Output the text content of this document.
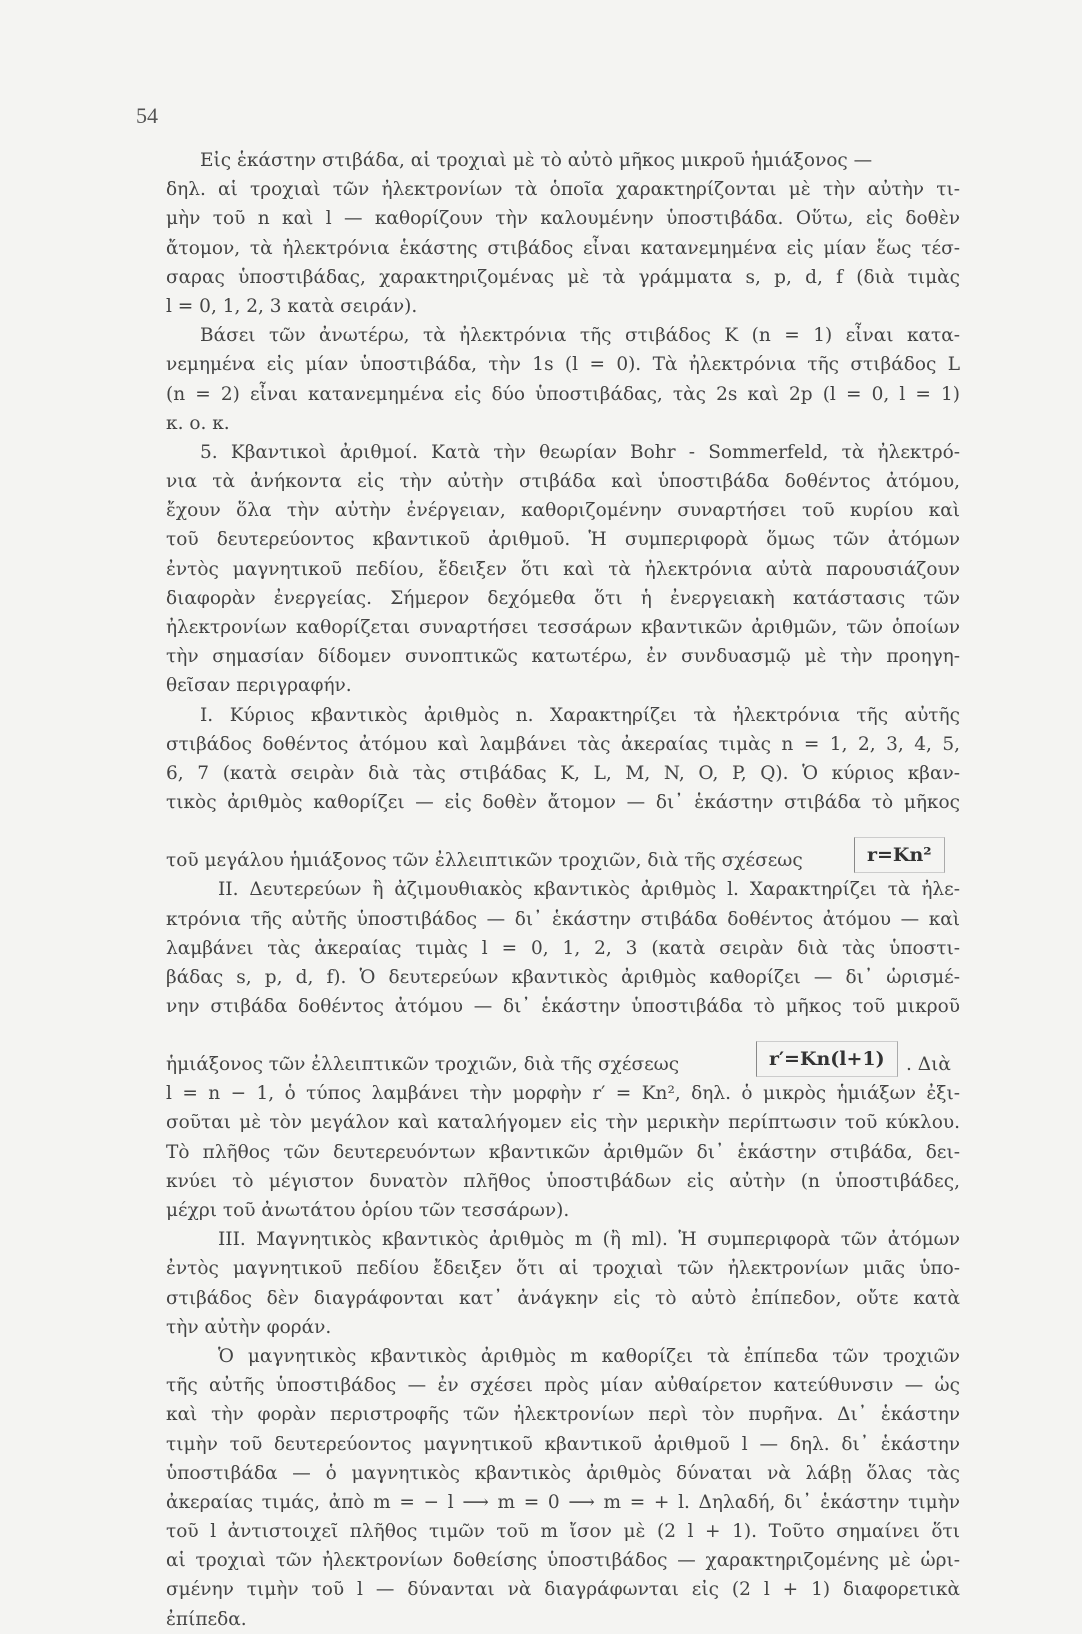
54
Εἰς ἑκάστην στιβάδα, αἱ τροχιαὶ μὲ τὸ αὐτὸ μῆκος μικροῦ ἡμιάξονος —
δηλ. αἱ τροχιαὶ τῶν ἠλεκτρονίων τὰ ὁποῖα χαρακτηρίζονται μὲ τὴν αὐτὴν τι-
μὴν τοῦ n καὶ l — καθορίζουν τὴν καλουμένην ὑποστιβάδα. Οὕτω, εἰς δοθὲν
ἄτομον, τὰ ἠλεκτρόνια ἑκάστης στιβάδος εἶναι κατανεμημένα εἰς μίαν ἕως τέσ-
σαρας ὑποστιβάδας, χαρακτηριζομένας μὲ τὰ γράμματα s, p, d, f (διὰ τιμὰς
l = 0, 1, 2, 3 κατὰ σειράν).
Βάσει τῶν ἀνωτέρω, τὰ ἠλεκτρόνια τῆς στιβάδος K (n = 1) εἶναι κατα-
νεμημένα εἰς μίαν ὑποστιβάδα, τὴν 1s (l = 0). Τὰ ἠλεκτρόνια τῆς στιβάδος L
(n = 2) εἶναι κατανεμημένα εἰς δύο ὑποστιβάδας, τὰς 2s καὶ 2p (l = 0, l = 1)
κ. ο. κ.
5. Κβαντικοὶ ἀριθμοί. Κατὰ τὴν θεωρίαν Bohr - Sommerfeld, τὰ ἠλεκτρό-
νια τὰ ἀνήκοντα εἰς τὴν αὐτὴν στιβάδα καὶ ὑποστιβάδα δοθέντος ἀτόμου,
ἔχουν ὅλα τὴν αὐτὴν ἐνέργειαν, καθοριζομένην συναρτήσει τοῦ κυρίου καὶ
τοῦ δευτερεύοντος κβαντικοῦ ἀριθμοῦ. Ἡ συμπεριφορὰ ὅμως τῶν ἀτόμων
ἐντὸς μαγνητικοῦ πεδίου, ἔδειξεν ὅτι καὶ τὰ ἠλεκτρόνια αὐτὰ παρουσιάζουν
διαφορὰν ἐνεργείας. Σήμερον δεχόμεθα ὅτι ἡ ἐνεργειακὴ κατάστασις τῶν
ἠλεκτρονίων καθορίζεται συναρτήσει τεσσάρων κβαντικῶν ἀριθμῶν, τῶν ὁποίων
τὴν σημασίαν δίδομεν συνοπτικῶς κατωτέρω, ἐν συνδυασμῷ μὲ τὴν προηγη-
θεῖσαν περιγραφήν.
I. Κύριος κβαντικὸς ἀριθμὸς n. Χαρακτηρίζει τὰ ἠλεκτρόνια τῆς αὐτῆς
στιβάδος δοθέντος ἀτόμου καὶ λαμβάνει τὰς ἀκεραίας τιμὰς n = 1, 2, 3, 4, 5,
6, 7 (κατὰ σειρὰν διὰ τὰς στιβάδας K, L, M, N, O, P, Q). Ὁ κύριος κβαν-
τικὸς ἀριθμὸς καθορίζει — εἰς δοθὲν ἄτομον — δι᾿ ἑκάστην στιβάδα τὸ μῆκος
τοῦ μεγάλου ἡμιάξονος τῶν ἐλλειπτικῶν τροχιῶν, διὰ τῆς σχέσεως	r=Kn²
II. Δευτερεύων ἢ ἀζιμουθιακὸς κβαντικὸς ἀριθμὸς l. Χαρακτηρίζει τὰ ἠλε-
κτρόνια τῆς αὐτῆς ὑποστιβάδος — δι᾿ ἑκάστην στιβάδα δοθέντος ἀτόμου — καὶ
λαμβάνει τὰς ἀκεραίας τιμὰς l = 0, 1, 2, 3 (κατὰ σειρὰν διὰ τὰς ὑποστι-
βάδας s, p, d, f). Ὁ δευτερεύων κβαντικὸς ἀριθμὸς καθορίζει — δι᾿ ὡρισμέ-
νην στιβάδα δοθέντος ἀτόμου — δι᾿ ἑκάστην ὑποστιβάδα τὸ μῆκος τοῦ μικροῦ
ἡμιάξονος τῶν ἐλλειπτικῶν τροχιῶν, διὰ τῆς σχέσεως	r′=Kn(l+1)	. Διὰ
l = n − 1, ὁ τύπος λαμβάνει τὴν μορφὴν r′ = Kn², δηλ. ὁ μικρὸς ἡμιάξων ἐξι-
σοῦται μὲ τὸν μεγάλον καὶ καταλήγομεν εἰς τὴν μερικὴν περίπτωσιν τοῦ κύκλου.
Τὸ πλῆθος τῶν δευτερευόντων κβαντικῶν ἀριθμῶν δι᾿ ἑκάστην στιβάδα, δει-
κνύει τὸ μέγιστον δυνατὸν πλῆθος ὑποστιβάδων εἰς αὐτὴν (n ὑποστιβάδες,
μέχρι τοῦ ἀνωτάτου ὁρίου τῶν τεσσάρων).
III. Μαγνητικὸς κβαντικὸς ἀριθμὸς m (ἢ ml). Ἡ συμπεριφορὰ τῶν ἀτόμων
ἐντὸς μαγνητικοῦ πεδίου ἔδειξεν ὅτι αἱ τροχιαὶ τῶν ἠλεκτρονίων μιᾶς ὑπο-
στιβάδος δὲν διαγράφονται κατ᾿ ἀνάγκην εἰς τὸ αὐτὸ ἐπίπεδον, οὔτε κατὰ
τὴν αὐτὴν φοράν.
Ὁ μαγνητικὸς κβαντικὸς ἀριθμὸς m καθορίζει τὰ ἐπίπεδα τῶν τροχιῶν
τῆς αὐτῆς ὑποστιβάδος — ἐν σχέσει πρὸς μίαν αὐθαίρετον κατεύθυνσιν — ὡς
καὶ τὴν φορὰν περιστροφῆς τῶν ἠλεκτρονίων περὶ τὸν πυρῆνα. Δι᾿ ἑκάστην
τιμὴν τοῦ δευτερεύοντος μαγνητικοῦ κβαντικοῦ ἀριθμοῦ l — δηλ. δι᾿ ἑκάστην
ὑποστιβάδα — ὁ μαγνητικὸς κβαντικὸς ἀριθμὸς δύναται νὰ λάβῃ ὅλας τὰς
ἀκεραίας τιμάς, ἀπὸ m = − l ⟶ m = 0 ⟶ m = + l. Δηλαδή, δι᾿ ἑκάστην τιμὴν
τοῦ l ἀντιστοιχεῖ πλῆθος τιμῶν τοῦ m ἴσον μὲ (2 l + 1). Τοῦτο σημαίνει ὅτι
αἱ τροχιαὶ τῶν ἠλεκτρονίων δοθείσης ὑποστιβάδος — χαρακτηριζομένης μὲ ὡρι-
σμένην τιμὴν τοῦ l — δύνανται νὰ διαγράφωνται εἰς (2 l + 1) διαφορετικὰ
ἐπίπεδα.
